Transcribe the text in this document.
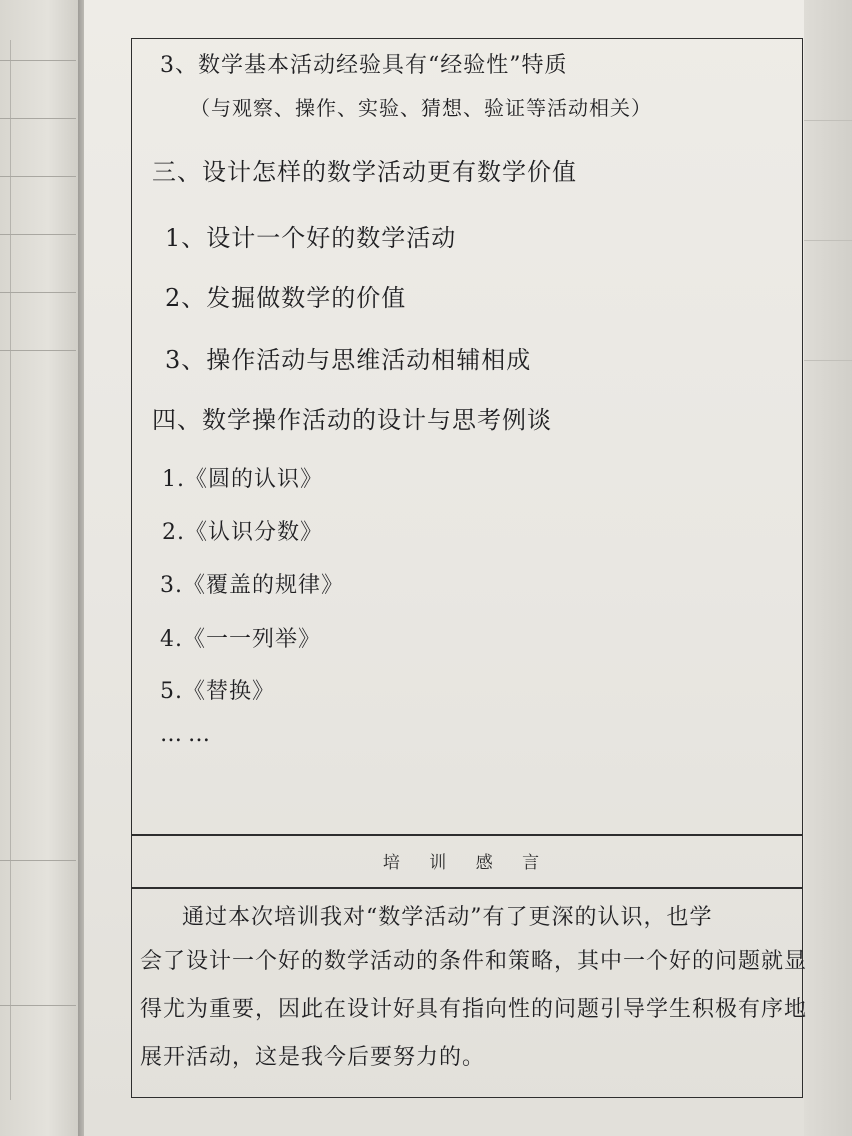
3、数学基本活动经验具有“经验性”特质
（与观察、操作、实验、猜想、验证等活动相关）
三、设计怎样的数学活动更有数学价值
1、设计一个好的数学活动
2、发掘做数学的价值
3、操作活动与思维活动相辅相成
四、数学操作活动的设计与思考例谈
1.《圆的认识》
2.《认识分数》
3.《覆盖的规律》
4.《一一列举》
5.《替换》
……
培 训 感 言
通过本次培训我对“数学活动”有了更深的认识，也学
会了设计一个好的数学活动的条件和策略，其中一个好的问题就显
得尤为重要，因此在设计好具有指向性的问题引导学生积极有序地
展开活动，这是我今后要努力的。
